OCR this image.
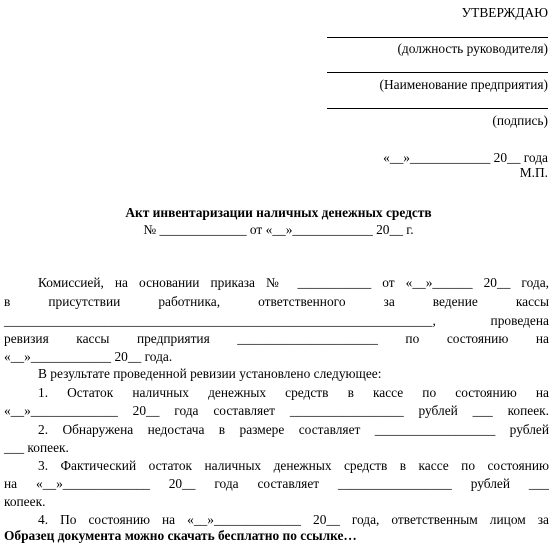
УТВЕРЖДАЮ
(должность руководителя)
(Наименование предприятия)
(подпись)
«__»____________ 20__ года
М.П.
Акт инвентаризации наличных денежных средств
№ _____________ от «__»____________ 20__ г.
Комиссией, на основании приказа № ___________ от «__»______ 20__ года,
в присутствии работника, ответственного за ведение кассы
________________________________________________________________, проведена
ревизия кассы предприятия _____________________ по состоянию на
«__»____________ 20__ года.
В результате проведенной ревизии установлено следующее:
1. Остаток наличных денежных средств в кассе по состоянию на
«__»_____________ 20__ года составляет _________________ рублей ___ копеек.
2. Обнаружена недостача в размере составляет __________________ рублей
___ копеек.
3. Фактический остаток наличных денежных средств в кассе по состоянию
на «__»_____________ 20__ года составляет _________________ рублей ___
копеек.
4. По состоянию на «__»_____________ 20__ года, ответственным лицом за
Образец документа можно скачать бесплатно по ссылке…
